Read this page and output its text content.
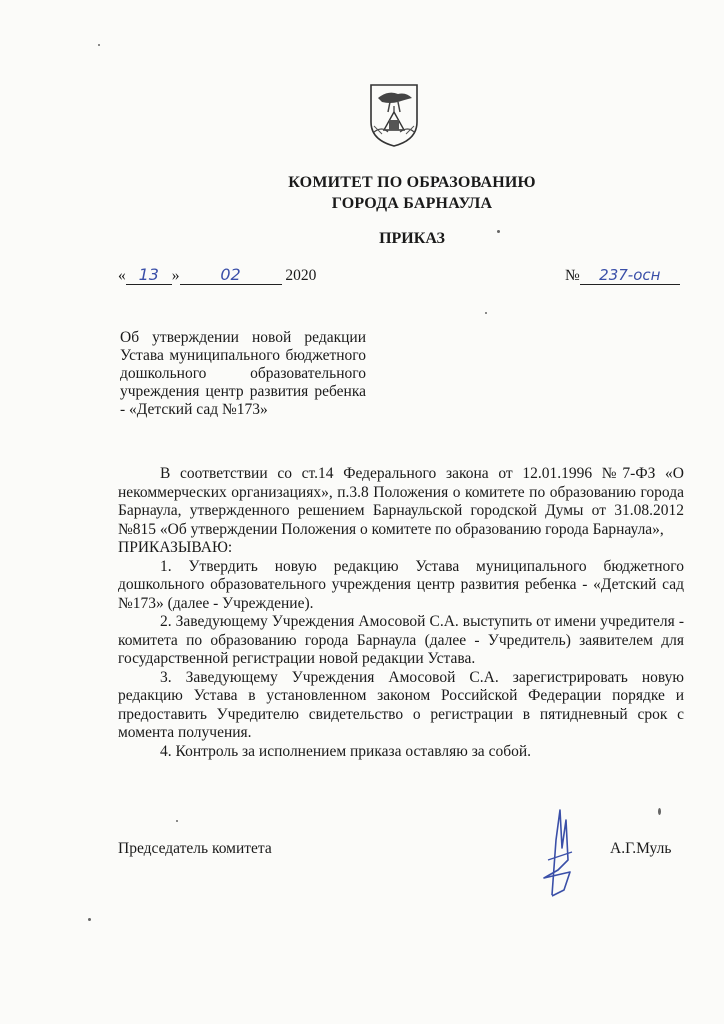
КОМИТЕТ ПО ОБРАЗОВАНИЮ
ГОРОДА БАРНАУЛА
ПРИКАЗ
« 13 »	02	2020	№ 237-осн
Об утверждении новой редакции Устава муниципального бюджетного дошкольного образовательного учреждения центр развития ребенка - «Детский сад №173»

В соответствии со ст.14 Федерального закона от 12.01.1996 №7-ФЗ «О некоммерческих организациях», п.3.8 Положения о комитете по образованию города Барнаула, утвержденного решением Барнаульской городской Думы от 31.08.2012 №815 «Об утверждении Положения о комитете по образованию города Барнаула»,

ПРИКАЗЫВАЮ:

1. Утвердить новую редакцию Устава муниципального бюджетного дошкольного образовательного учреждения центр развития ребенка - «Детский сад №173» (далее - Учреждение).

2. Заведующему Учреждения Амосовой С.А. выступить от имени учредителя - комитета по образованию города Барнаула (далее - Учредитель) заявителем для государственной регистрации новой редакции Устава.

3. Заведующему Учреждения Амосовой С.А. зарегистрировать новую редакцию Устава в установленном законом Российской Федерации порядке и предоставить Учредителю свидетельство о регистрации в пятидневный срок с момента получения.

4. Контроль за исполнением приказа оставляю за собой.

Председатель комитета	А.Г.Муль
